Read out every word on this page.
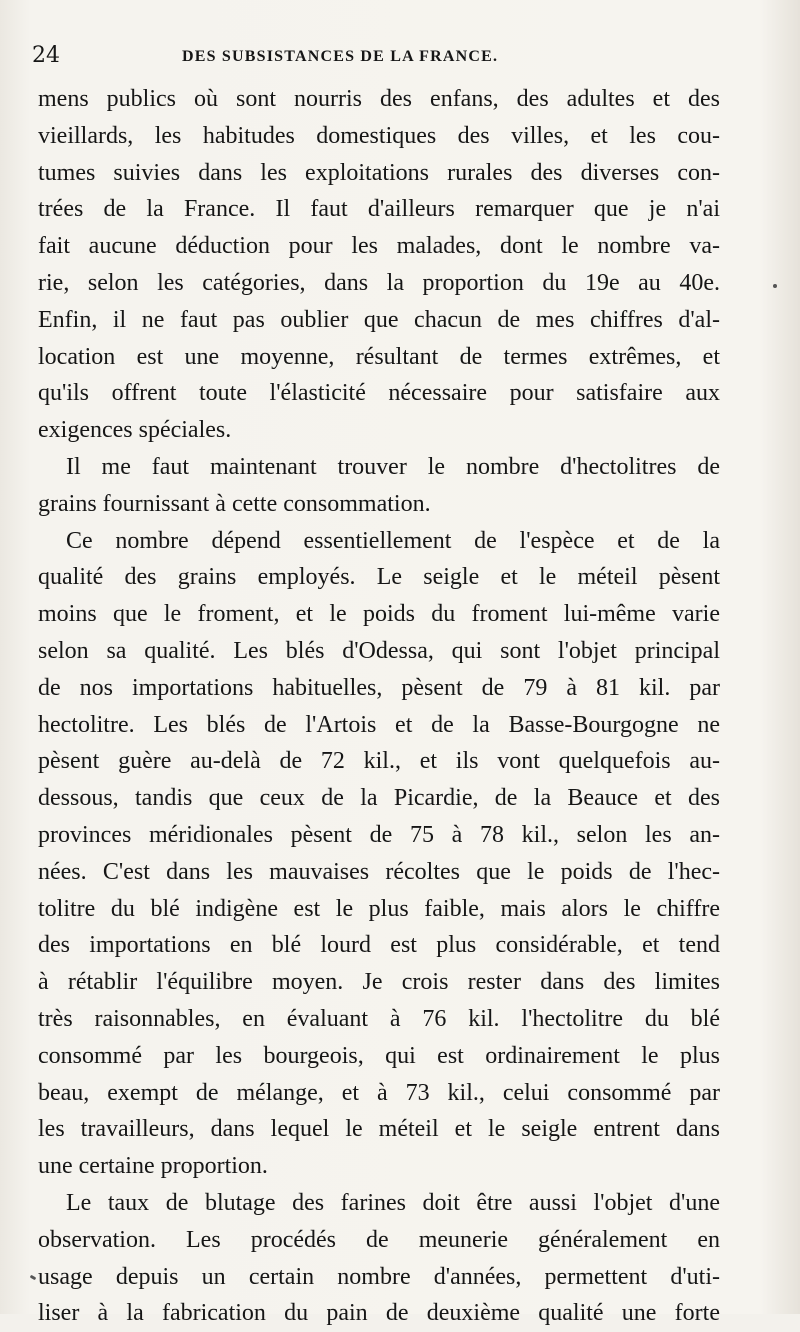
24	DES SUBSISTANCES DE LA FRANCE.
mens publics où sont nourris des enfans, des adultes et des
vieillards, les habitudes domestiques des villes, et les cou-
tumes suivies dans les exploitations rurales des diverses con-
trées de la France. Il faut d'ailleurs remarquer que je n'ai
fait aucune déduction pour les malades, dont le nombre va-
rie, selon les catégories, dans la proportion du 19e au 40e.
Enfin, il ne faut pas oublier que chacun de mes chiffres d'al-
location est une moyenne, résultant de termes extrêmes, et
qu'ils offrent toute l'élasticité nécessaire pour satisfaire aux
exigences spéciales.
Il me faut maintenant trouver le nombre d'hectolitres de
grains fournissant à cette consommation.
Ce nombre dépend essentiellement de l'espèce et de la
qualité des grains employés. Le seigle et le méteil pèsent
moins que le froment, et le poids du froment lui-même varie
selon sa qualité. Les blés d'Odessa, qui sont l'objet principal
de nos importations habituelles, pèsent de 79 à 81 kil. par
hectolitre. Les blés de l'Artois et de la Basse-Bourgogne ne
pèsent guère au-delà de 72 kil., et ils vont quelquefois au-
dessous, tandis que ceux de la Picardie, de la Beauce et des
provinces méridionales pèsent de 75 à 78 kil., selon les an-
nées. C'est dans les mauvaises récoltes que le poids de l'hec-
tolitre du blé indigène est le plus faible, mais alors le chiffre
des importations en blé lourd est plus considérable, et tend
à rétablir l'équilibre moyen. Je crois rester dans des limites
très raisonnables, en évaluant à 76 kil. l'hectolitre du blé
consommé par les bourgeois, qui est ordinairement le plus
beau, exempt de mélange, et à 73 kil., celui consommé par
les travailleurs, dans lequel le méteil et le seigle entrent dans
une certaine proportion.
Le taux de blutage des farines doit être aussi l'objet d'une
observation. Les procédés de meunerie généralement en
usage depuis un certain nombre d'années, permettent d'uti-
liser à la fabrication du pain de deuxième qualité une forte
